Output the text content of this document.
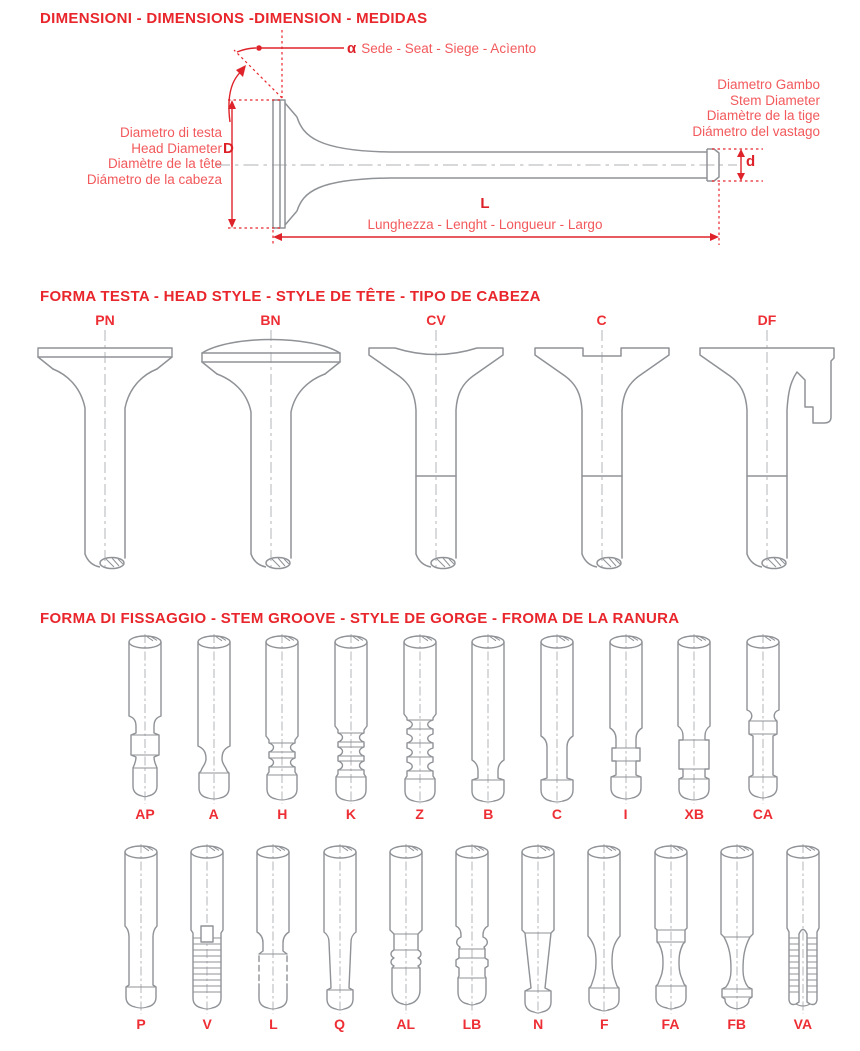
DIMENSIONI - DIMENSIONS -DIMENSION - MEDIDAS
α Sede - Seat - Siege - Acìento
Diametro di testa
Head Diameter
Diamètre de la tête
Diámetro de la cabeza
D
Diametro Gambo
Stem Diameter
Diamètre de la tige
Diámetro del vastago
d
L
Lunghezza - Lenght - Longueur - Largo
FORMA TESTA - HEAD STYLE - STYLE DE TÊTE - TIPO DE CABEZA
PN	BN	CV	C	DF
FORMA DI FISSAGGIO - STEM GROOVE - STYLE DE GORGE - FROMA DE LA RANURA
AP	A	H	K	Z	B	C	I	XB	CA
P	V	L	Q	AL	LB	N	F	FA	FB	VA
